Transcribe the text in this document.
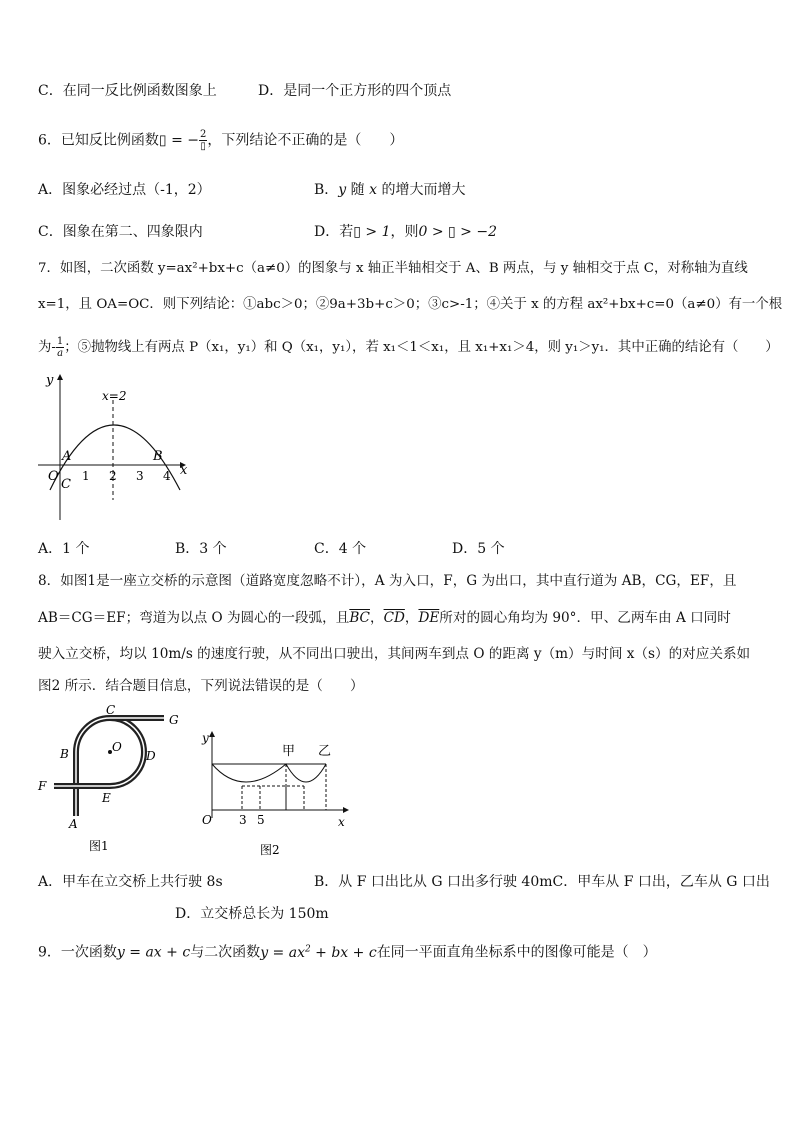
C．在同一反比例函数图象上	D．是同一个正方形的四个顶点
6．已知反比例函数▯ = − $\frac{2}{▯}$ ，下列结论不正确的是（　　）
A．图象必经过点（-1，2）	B．y 随 x 的增大而增大
C．图象在第二、四象限内	D．若▯ > 1，则0 > ▯ > −2
7．如图，二次函数 y=ax²+bx+c（a≠0）的图象与 x 轴正半轴相交于 A、B 两点，与 y 轴相交于点 C，对称轴为直线
x=1，且 OA=OC．则下列结论：①abc＞0；②9a+3b+c＞0；③c>-1；④关于 x 的方程 ax²+bx+c=0（a≠0）有一个根
为- $\frac{1}{a}$ ；⑤抛物线上有两点 P（x₁，y₁）和 Q（x₁，y₁），若 x₁＜1＜x₁，且 x₁+x₁＞4，则 y₁＞y₁．其中正确的结论有（　　）
y
x
x=2
O
A	B
C
1 2 3 4
A．1 个	B．3 个	C．4 个	D．5 个
8．如图1是一座立交桥的示意图（道路宽度忽略不计），A 为入口，F，G 为出口，其中直行道为 AB，CG，EF，且
AB＝CG＝EF；弯道为以点 O 为圆心的一段弧，且$\overline{BC}$，$\overline{CD}$，$\overline{DE}$所对的圆心角均为 90°．甲、乙两车由 A 口同时
驶入立交桥，均以 10m/s 的速度行驶，从不同出口驶出，其间两车到点 O 的距离 y（m）与时间 x（s）的对应关系如
图2 所示．结合题目信息，下列说法错误的是（　　）
C
G
B	O
D
F
E
A
图1
y
x
O 3 5
甲 乙
图2
A．甲车在立交桥上共行驶 8s	B．从 F 口出比从 G 口出多行驶 40mC．甲车从 F 口出，乙车从 G 口出
D．立交桥总长为 150m
9．一次函数y = ax + c与二次函数$y = ax^2$ + bx + c在同一平面直角坐标系中的图像可能是（　）
